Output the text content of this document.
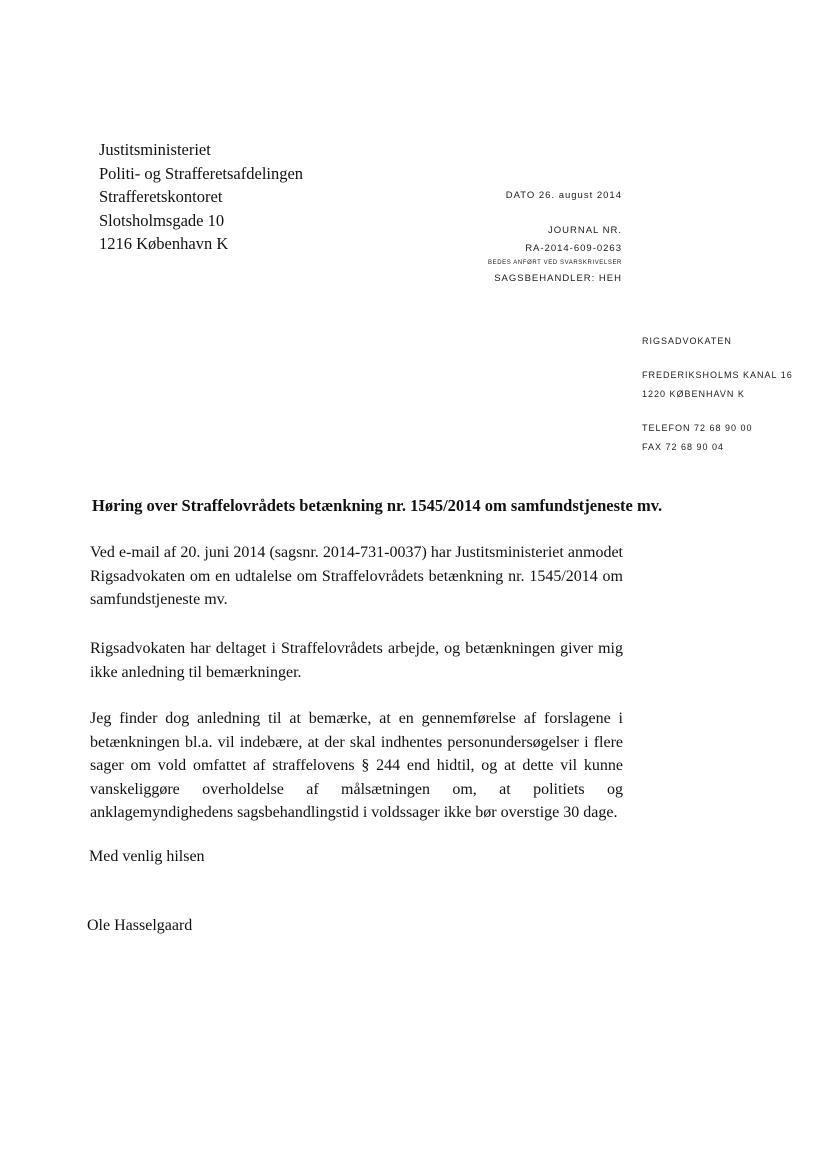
Justitsministeriet
Politi- og Strafferetsafdelingen
Strafferetskontoret
Slotsholmsgade 10
1216 København K
DATO 26. august 2014
JOURNAL NR.
RA-2014-609-0263
BEDES ANFØRT VED SVARSKRIVELSER
SAGSBEHANDLER: HEH
RIGSADVOKATEN
FREDERIKSHOLMS KANAL 16
1220 KØBENHAVN K
TELEFON 72 68 90 00
FAX 72 68 90 04
Høring over Straffelovrådets betænkning nr. 1545/2014 om samfundstjeneste mv.
Ved e-mail af 20. juni 2014 (sagsnr. 2014-731-0037) har Justitsministeriet anmodet Rigsadvokaten om en udtalelse om Straffelovrådets betænkning nr. 1545/2014 om samfundstjeneste mv.
Rigsadvokaten har deltaget i Straffelovrådets arbejde, og betænkningen giver mig ikke anledning til bemærkninger.
Jeg finder dog anledning til at bemærke, at en gennemførelse af forslagene i betænkningen bl.a. vil indebære, at der skal indhentes personundersøgelser i flere sager om vold omfattet af straffelovens § 244 end hidtil, og at dette vil kunne vanskeliggøre overholdelse af målsætningen om, at politiets og anklagemyndighedens sagsbehandlingstid i voldssager ikke bør overstige 30 dage.
Med venlig hilsen
Ole Hasselgaard
